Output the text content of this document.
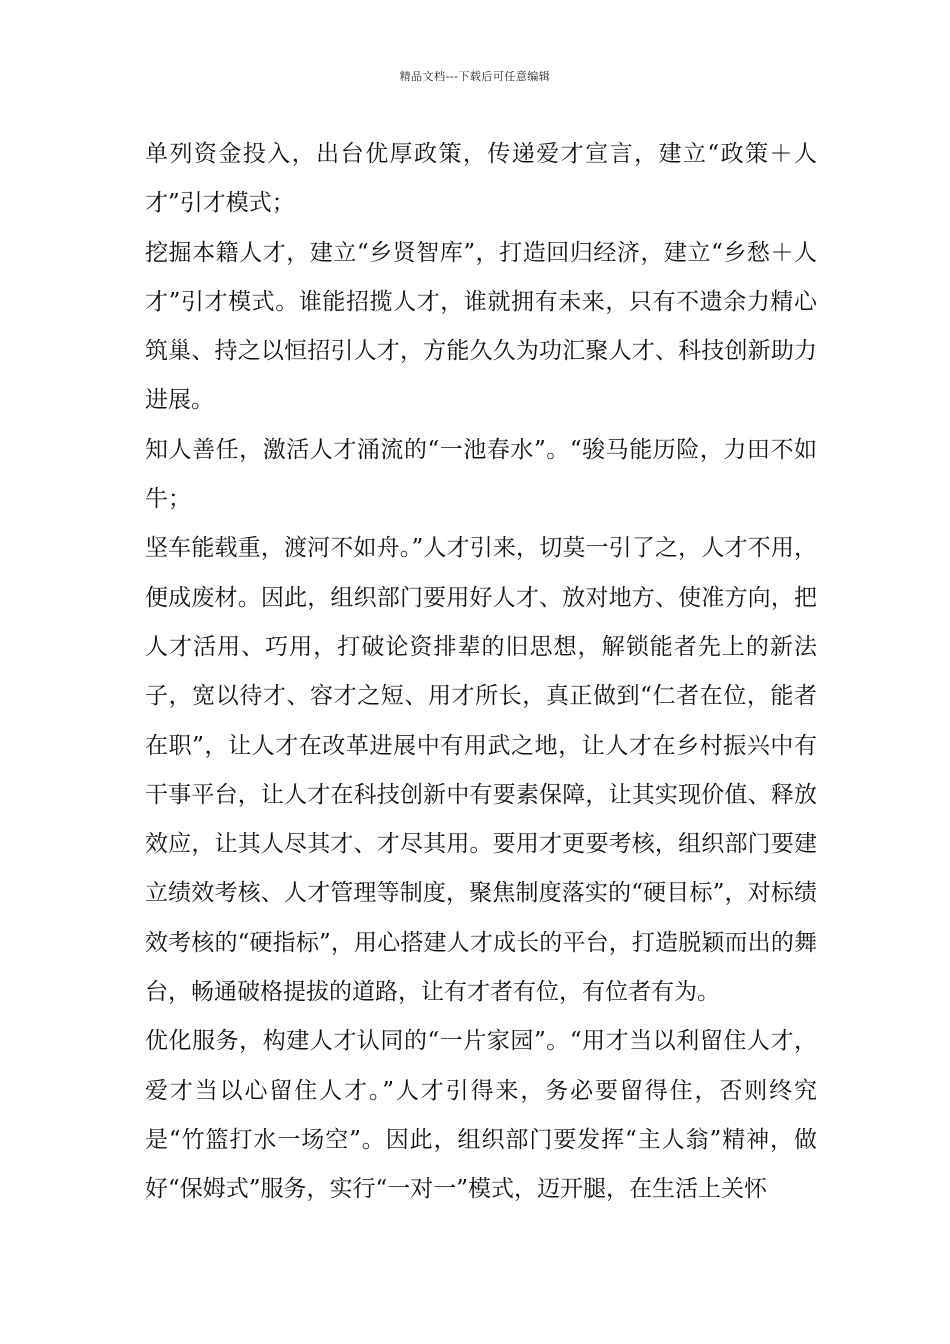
精品文档---下载后可任意编辑

单列资金投入，出台优厚政策，传递爱才宣言，建立“政策＋人才”引才模式；

挖掘本籍人才，建立“乡贤智库”，打造回归经济，建立“乡愁＋人才”引才模式。谁能招揽人才，谁就拥有未来，只有不遗余力精心筑巢、持之以恒招引人才，方能久久为功汇聚人才、科技创新助力进展。

知人善任，激活人才涌流的“一池春水”。“骏马能历险，力田不如牛；

坚车能载重，渡河不如舟。”人才引来，切莫一引了之，人才不用，便成废材。因此，组织部门要用好人才、放对地方、使准方向，把人才活用、巧用，打破论资排辈的旧思想，解锁能者先上的新法子，宽以待才、容才之短、用才所长，真正做到“仁者在位，能者在职”，让人才在改革进展中有用武之地，让人才在乡村振兴中有干事平台，让人才在科技创新中有要素保障，让其实现价值、释放效应，让其人尽其才、才尽其用。要用才更要考核，组织部门要建立绩效考核、人才管理等制度，聚焦制度落实的“硬目标”，对标绩效考核的“硬指标”，用心搭建人才成长的平台，打造脱颖而出的舞台，畅通破格提拔的道路，让有才者有位，有位者有为。

优化服务，构建人才认同的“一片家园”。“用才当以利留住人才，爱才当以心留住人才。”人才引得来，务必要留得住，否则终究是“竹篮打水一场空”。因此，组织部门要发挥“主人翁”精神，做好“保姆式”服务，实行“一对一”模式，迈开腿，在生活上关怀
